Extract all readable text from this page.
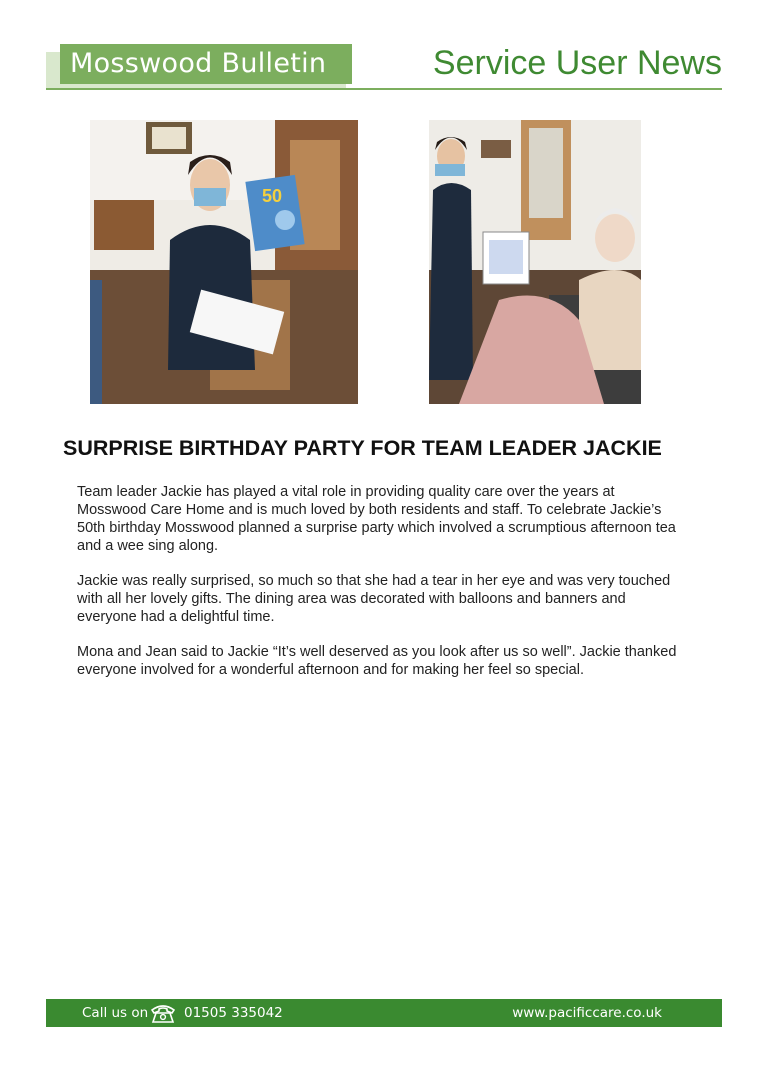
Mosswood Bulletin	Service User News
50
SURPRISE BIRTHDAY PARTY FOR TEAM LEADER JACKIE

Team leader Jackie has played a vital role in providing quality care over the years at Mosswood Care Home and is much loved by both residents and staff. To celebrate Jackie’s 50th birthday Mosswood planned a surprise party which involved a scrumptious afternoon tea and a wee sing along.

Jackie was really surprised, so much so that she had a tear in her eye and was very touched with all her lovely gifts. The dining area was decorated with balloons and banners and everyone had a delightful time.

Mona and Jean said to Jackie “It’s well deserved as you look after us so well”. Jackie thanked everyone involved for a wonderful afternoon and for making her feel so special.

Call us on	01505 335042	www.pacificcare.co.uk
